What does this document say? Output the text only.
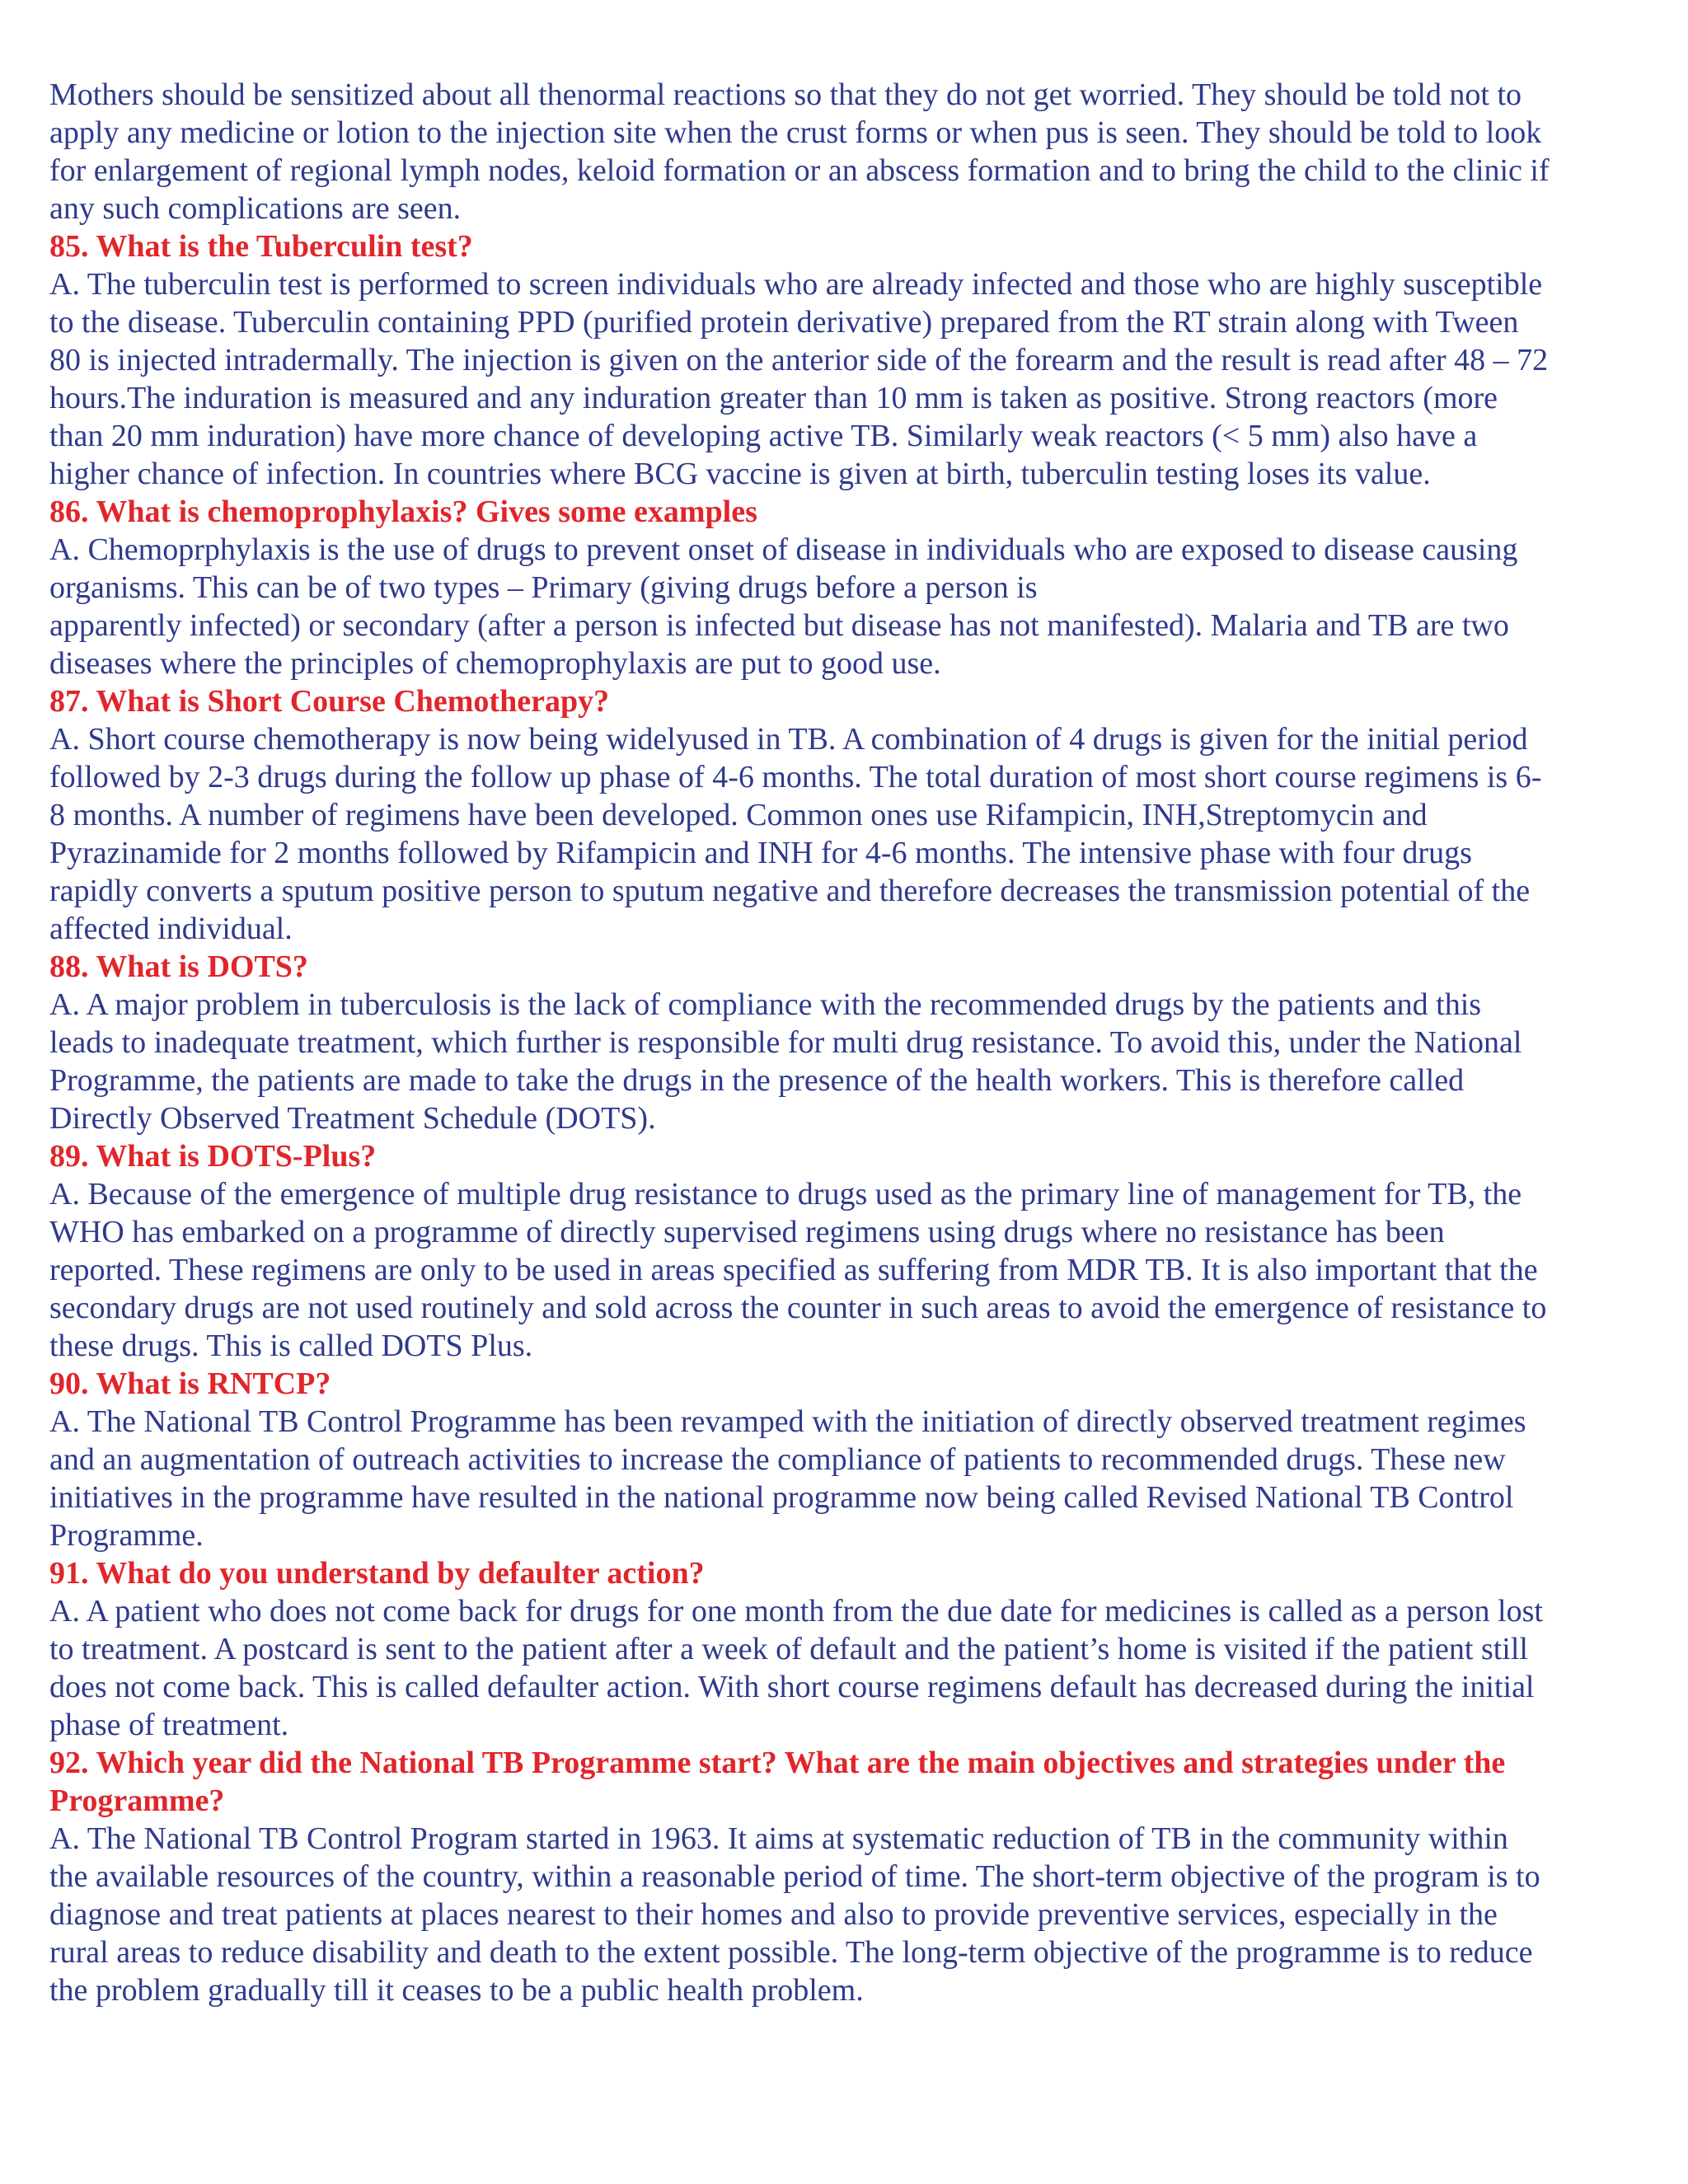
Mothers should be sensitized about all thenormal reactions so that they do not get worried. They should be told not to
apply any medicine or lotion to the injection site when the crust forms or when pus is seen. They should be told to look
for enlargement of regional lymph nodes, keloid formation or an abscess formation and to bring the child to the clinic if
any such complications are seen.
85. What is the Tuberculin test?
A. The tuberculin test is performed to screen individuals who are already infected and those who are highly susceptible
to the disease. Tuberculin containing PPD (purified protein derivative) prepared from the RT strain along with Tween
80 is injected intradermally. The injection is given on the anterior side of the forearm and the result is read after 48 – 72
hours.The induration is measured and any induration greater than 10 mm is taken as positive. Strong reactors (more
than 20 mm induration) have more chance of developing active TB. Similarly weak reactors (< 5 mm) also have a
higher chance of infection. In countries where BCG vaccine is given at birth, tuberculin testing loses its value.
86. What is chemoprophylaxis? Gives some examples
A. Chemoprphylaxis is the use of drugs to prevent onset of disease in individuals who are exposed to disease causing
organisms. This can be of two types – Primary (giving drugs before a person is
apparently infected) or secondary (after a person is infected but disease has not manifested). Malaria and TB are two
diseases where the principles of chemoprophylaxis are put to good use.
87. What is Short Course Chemotherapy?
A. Short course chemotherapy is now being widelyused in TB. A combination of 4 drugs is given for the initial period
followed by 2-3 drugs during the follow up phase of 4-6 months. The total duration of most short course regimens is 6-
8 months. A number of regimens have been developed. Common ones use Rifampicin, INH,Streptomycin and
Pyrazinamide for 2 months followed by Rifampicin and INH for 4-6 months. The intensive phase with four drugs
rapidly converts a sputum positive person to sputum negative and therefore decreases the transmission potential of the
affected individual.
88. What is DOTS?
A. A major problem in tuberculosis is the lack of compliance with the recommended drugs by the patients and this
leads to inadequate treatment, which further is responsible for multi drug resistance. To avoid this, under the National
Programme, the patients are made to take the drugs in the presence of the health workers. This is therefore called
Directly Observed Treatment Schedule (DOTS).
89. What is DOTS-Plus?
A. Because of the emergence of multiple drug resistance to drugs used as the primary line of management for TB, the
WHO has embarked on a programme of directly supervised regimens using drugs where no resistance has been
reported. These regimens are only to be used in areas specified as suffering from MDR TB. It is also important that the
secondary drugs are not used routinely and sold across the counter in such areas to avoid the emergence of resistance to
these drugs. This is called DOTS Plus.
90. What is RNTCP?
A. The National TB Control Programme has been revamped with the initiation of directly observed treatment regimes
and an augmentation of outreach activities to increase the compliance of patients to recommended drugs. These new
initiatives in the programme have resulted in the national programme now being called Revised National TB Control
Programme.
91. What do you understand by defaulter action?
A. A patient who does not come back for drugs for one month from the due date for medicines is called as a person lost
to treatment. A postcard is sent to the patient after a week of default and the patient’s home is visited if the patient still
does not come back. This is called defaulter action. With short course regimens default has decreased during the initial
phase of treatment.
92. Which year did the National TB Programme start? What are the main objectives and strategies under the
Programme?
A. The National TB Control Program started in 1963. It aims at systematic reduction of TB in the community within
the available resources of the country, within a reasonable period of time. The short-term objective of the program is to
diagnose and treat patients at places nearest to their homes and also to provide preventive services, especially in the
rural areas to reduce disability and death to the extent possible. The long-term objective of the programme is to reduce
the problem gradually till it ceases to be a public health problem.
